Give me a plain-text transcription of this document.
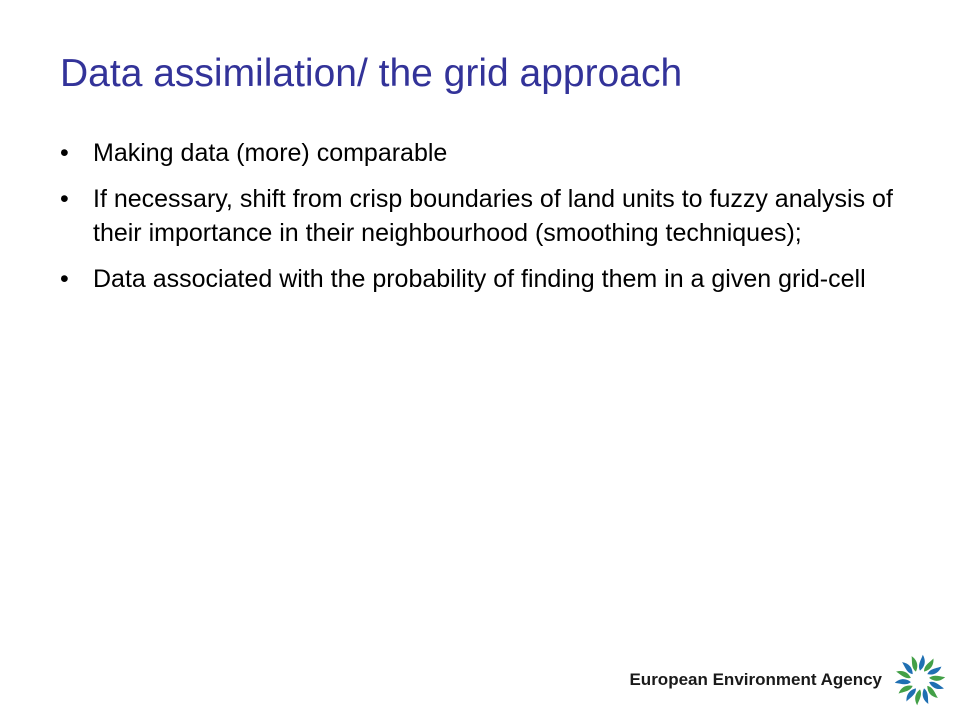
Data assimilation/ the grid approach
• Making data (more) comparable
• If necessary, shift from crisp boundaries of land units to fuzzy analysis of their importance in their neighbourhood (smoothing techniques);
• Data associated with the probability of finding them in a given grid-cell
European Environment Agency
